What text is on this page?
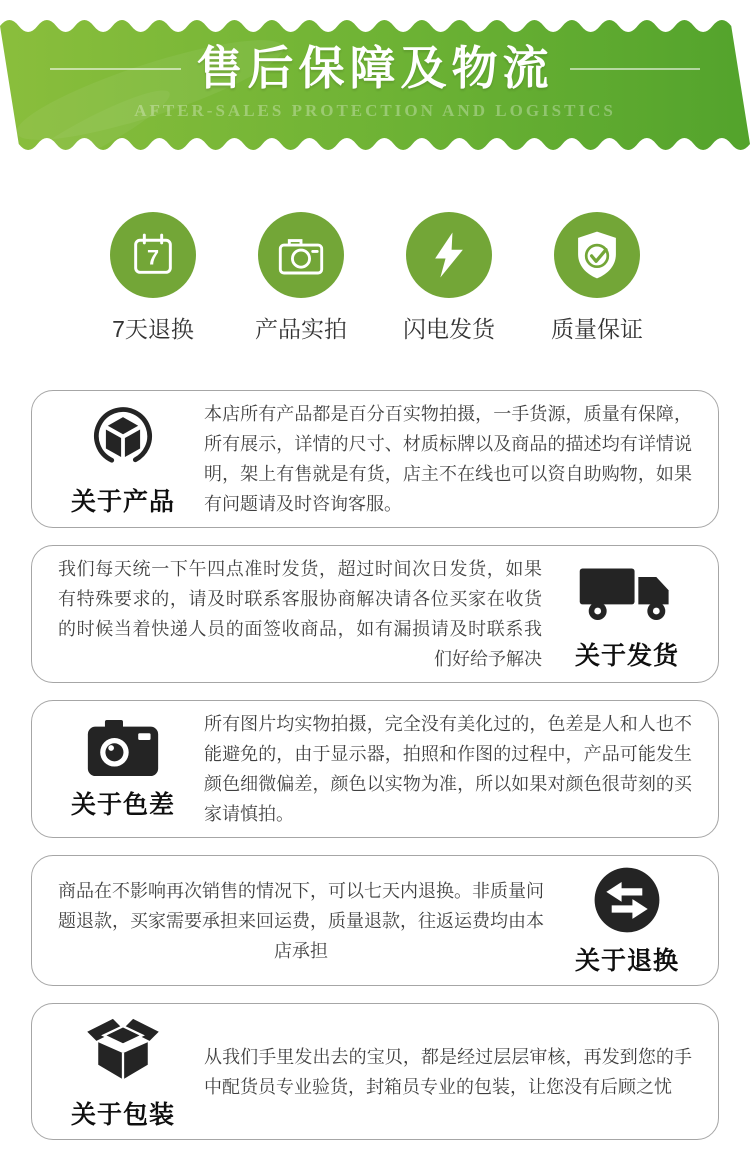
售后保障及物流
AFTER-SALES PROTECTION AND LOGISTICS
7
7天退换	产品实拍 闪电发货 质量保证
关于产品

本店所有产品都是百分百实物拍摄，一手货源，质量有保障，所有展示，详情的尺寸、材质标牌以及商品的描述均有详情说明，架上有售就是有货，店主不在线也可以资自助购物，如果有问题请及时咨询客服。

我们每天统一下午四点准时发货，超过时间次日发货，如果有特殊要求的，请及时联系客服协商解决请各位买家在收货的时候当着快递人员的面签收商品，如有漏损请及时联系我们好给予解决	关于发货
关于色差

所有图片均实物拍摄，完全没有美化过的，色差是人和人也不能避免的，由于显示器，拍照和作图的过程中，产品可能发生颜色细微偏差，颜色以实物为准，所以如果对颜色很苛刻的买家请慎拍。

商品在不影响再次销售的情况下，可以七天内退换。非质量问题退款，买家需要承担来回运费，质量退款，往返运费均由本店承担	关于退换
关于包装

从我们手里发出去的宝贝，都是经过层层审核，再发到您的手中配货员专业验货，封箱员专业的包装，让您没有后顾之忧
